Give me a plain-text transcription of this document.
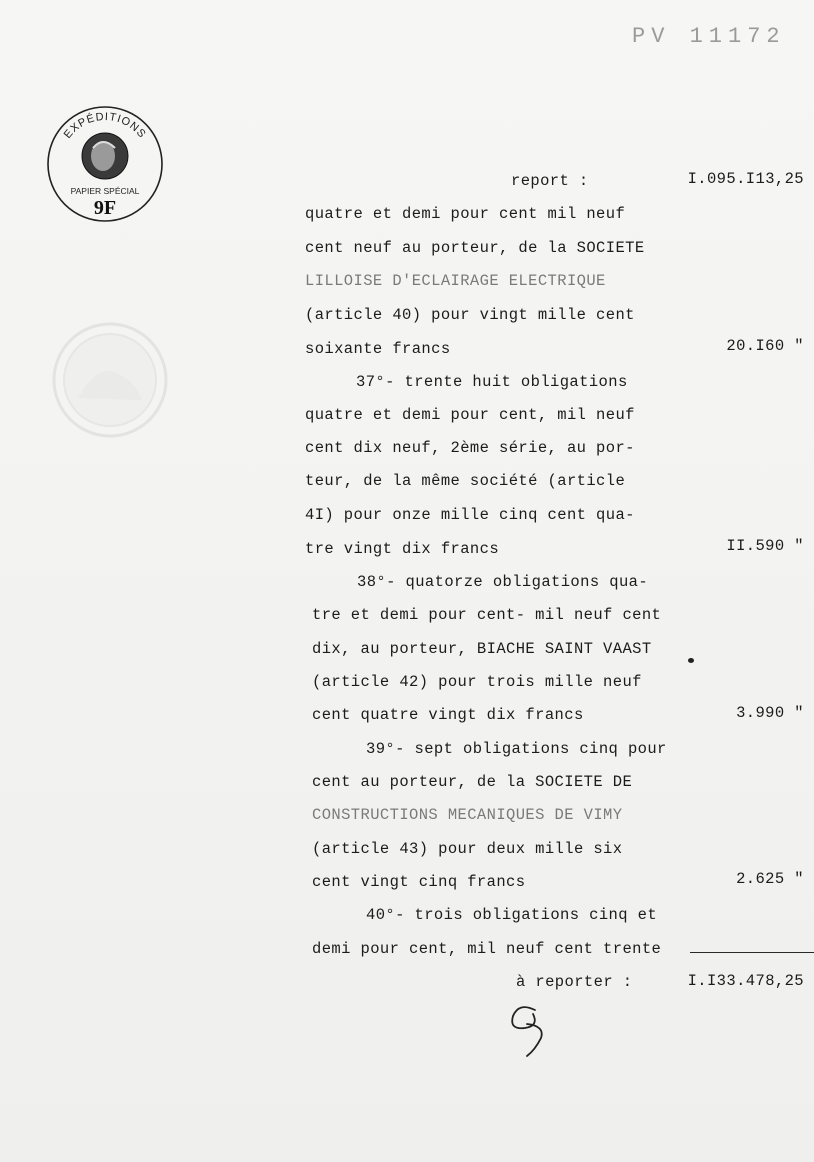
PV 11172
EXPÉDITIONS
PAPIER SPÉCIAL
9F
report :	I.095.I13,25
quatre et demi pour cent mil neuf
cent neuf au porteur, de la SOCIETE
LILLOISE D'ECLAIRAGE ELECTRIQUE
(article 40) pour vingt mille cent
soixante francs	20.I60 "
37°- trente huit obligations
quatre et demi pour cent, mil neuf
cent dix neuf, 2ème série, au por-
teur, de la même société (article
4I) pour onze mille cinq cent qua-
tre vingt dix francs	II.590 "
38°- quatorze obligations qua-
tre et demi pour cent- mil neuf cent
dix, au porteur, BIACHE SAINT VAAST
(article 42) pour trois mille neuf
cent quatre vingt dix francs	3.990 "
39°- sept obligations cinq pour
cent au porteur, de la SOCIETE DE
CONSTRUCTIONS MECANIQUES DE VIMY
(article 43) pour deux mille six
cent vingt cinq francs	2.625 "
40°- trois obligations cinq et
demi pour cent, mil neuf cent trente
à reporter :	I.I33.478,25
